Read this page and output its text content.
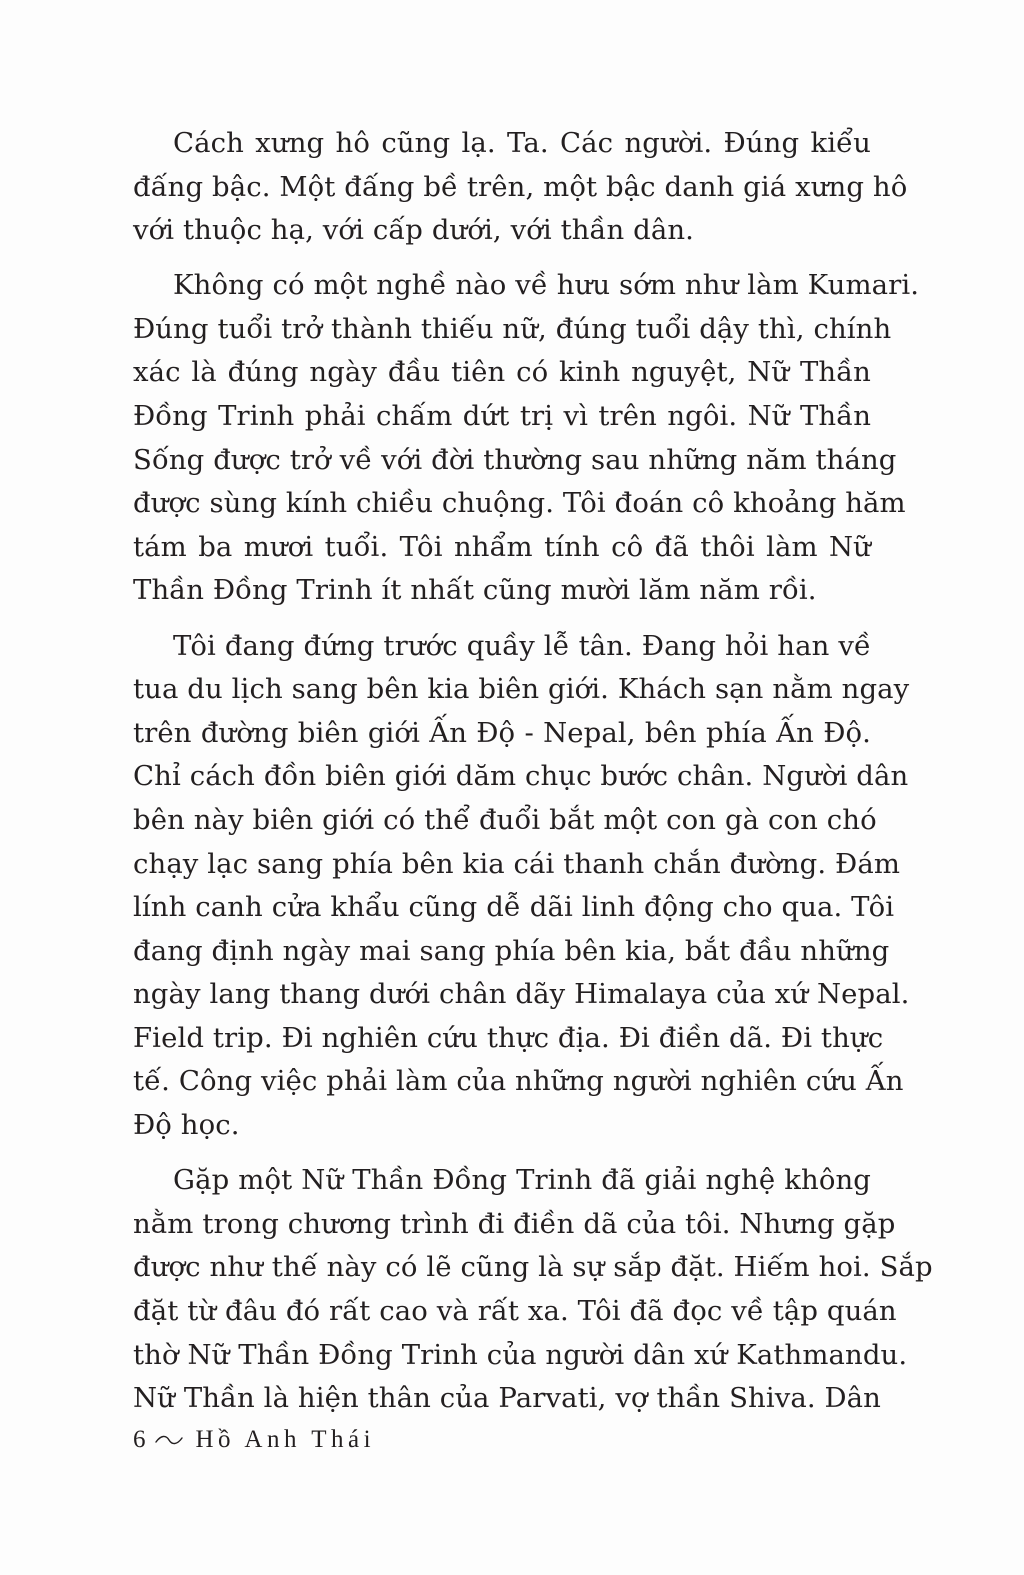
Cách xưng hô cũng lạ. Ta. Các người. Đúng kiểu
đấng bậc. Một đấng bề trên, một bậc danh giá xưng hô
với thuộc hạ, với cấp dưới, với thần dân.
Không có một nghề nào về hưu sớm như làm Kumari.
Đúng tuổi trở thành thiếu nữ, đúng tuổi dậy thì, chính
xác là đúng ngày đầu tiên có kinh nguyệt, Nữ Thần
Đồng Trinh phải chấm dứt trị vì trên ngôi. Nữ Thần
Sống được trở về với đời thường sau những năm tháng
được sùng kính chiều chuộng. Tôi đoán cô khoảng hăm
tám ba mươi tuổi. Tôi nhẩm tính cô đã thôi làm Nữ
Thần Đồng Trinh ít nhất cũng mười lăm năm rồi.
Tôi đang đứng trước quầy lễ tân. Đang hỏi han về
tua du lịch sang bên kia biên giới. Khách sạn nằm ngay
trên đường biên giới Ấn Độ - Nepal, bên phía Ấn Độ.
Chỉ cách đồn biên giới dăm chục bước chân. Người dân
bên này biên giới có thể đuổi bắt một con gà con chó
chạy lạc sang phía bên kia cái thanh chắn đường. Đám
lính canh cửa khẩu cũng dễ dãi linh động cho qua. Tôi
đang định ngày mai sang phía bên kia, bắt đầu những
ngày lang thang dưới chân dãy Himalaya của xứ Nepal.
Field trip. Đi nghiên cứu thực địa. Đi điền dã. Đi thực
tế. Công việc phải làm của những người nghiên cứu Ấn
Độ học.
Gặp một Nữ Thần Đồng Trinh đã giải nghệ không
nằm trong chương trình đi điền dã của tôi. Nhưng gặp
được như thế này có lẽ cũng là sự sắp đặt. Hiếm hoi. Sắp
đặt từ đâu đó rất cao và rất xa. Tôi đã đọc về tập quán
thờ Nữ Thần Đồng Trinh của người dân xứ Kathmandu.
Nữ Thần là hiện thân của Parvati, vợ thần Shiva. Dân
6 Hồ Anh Thái
